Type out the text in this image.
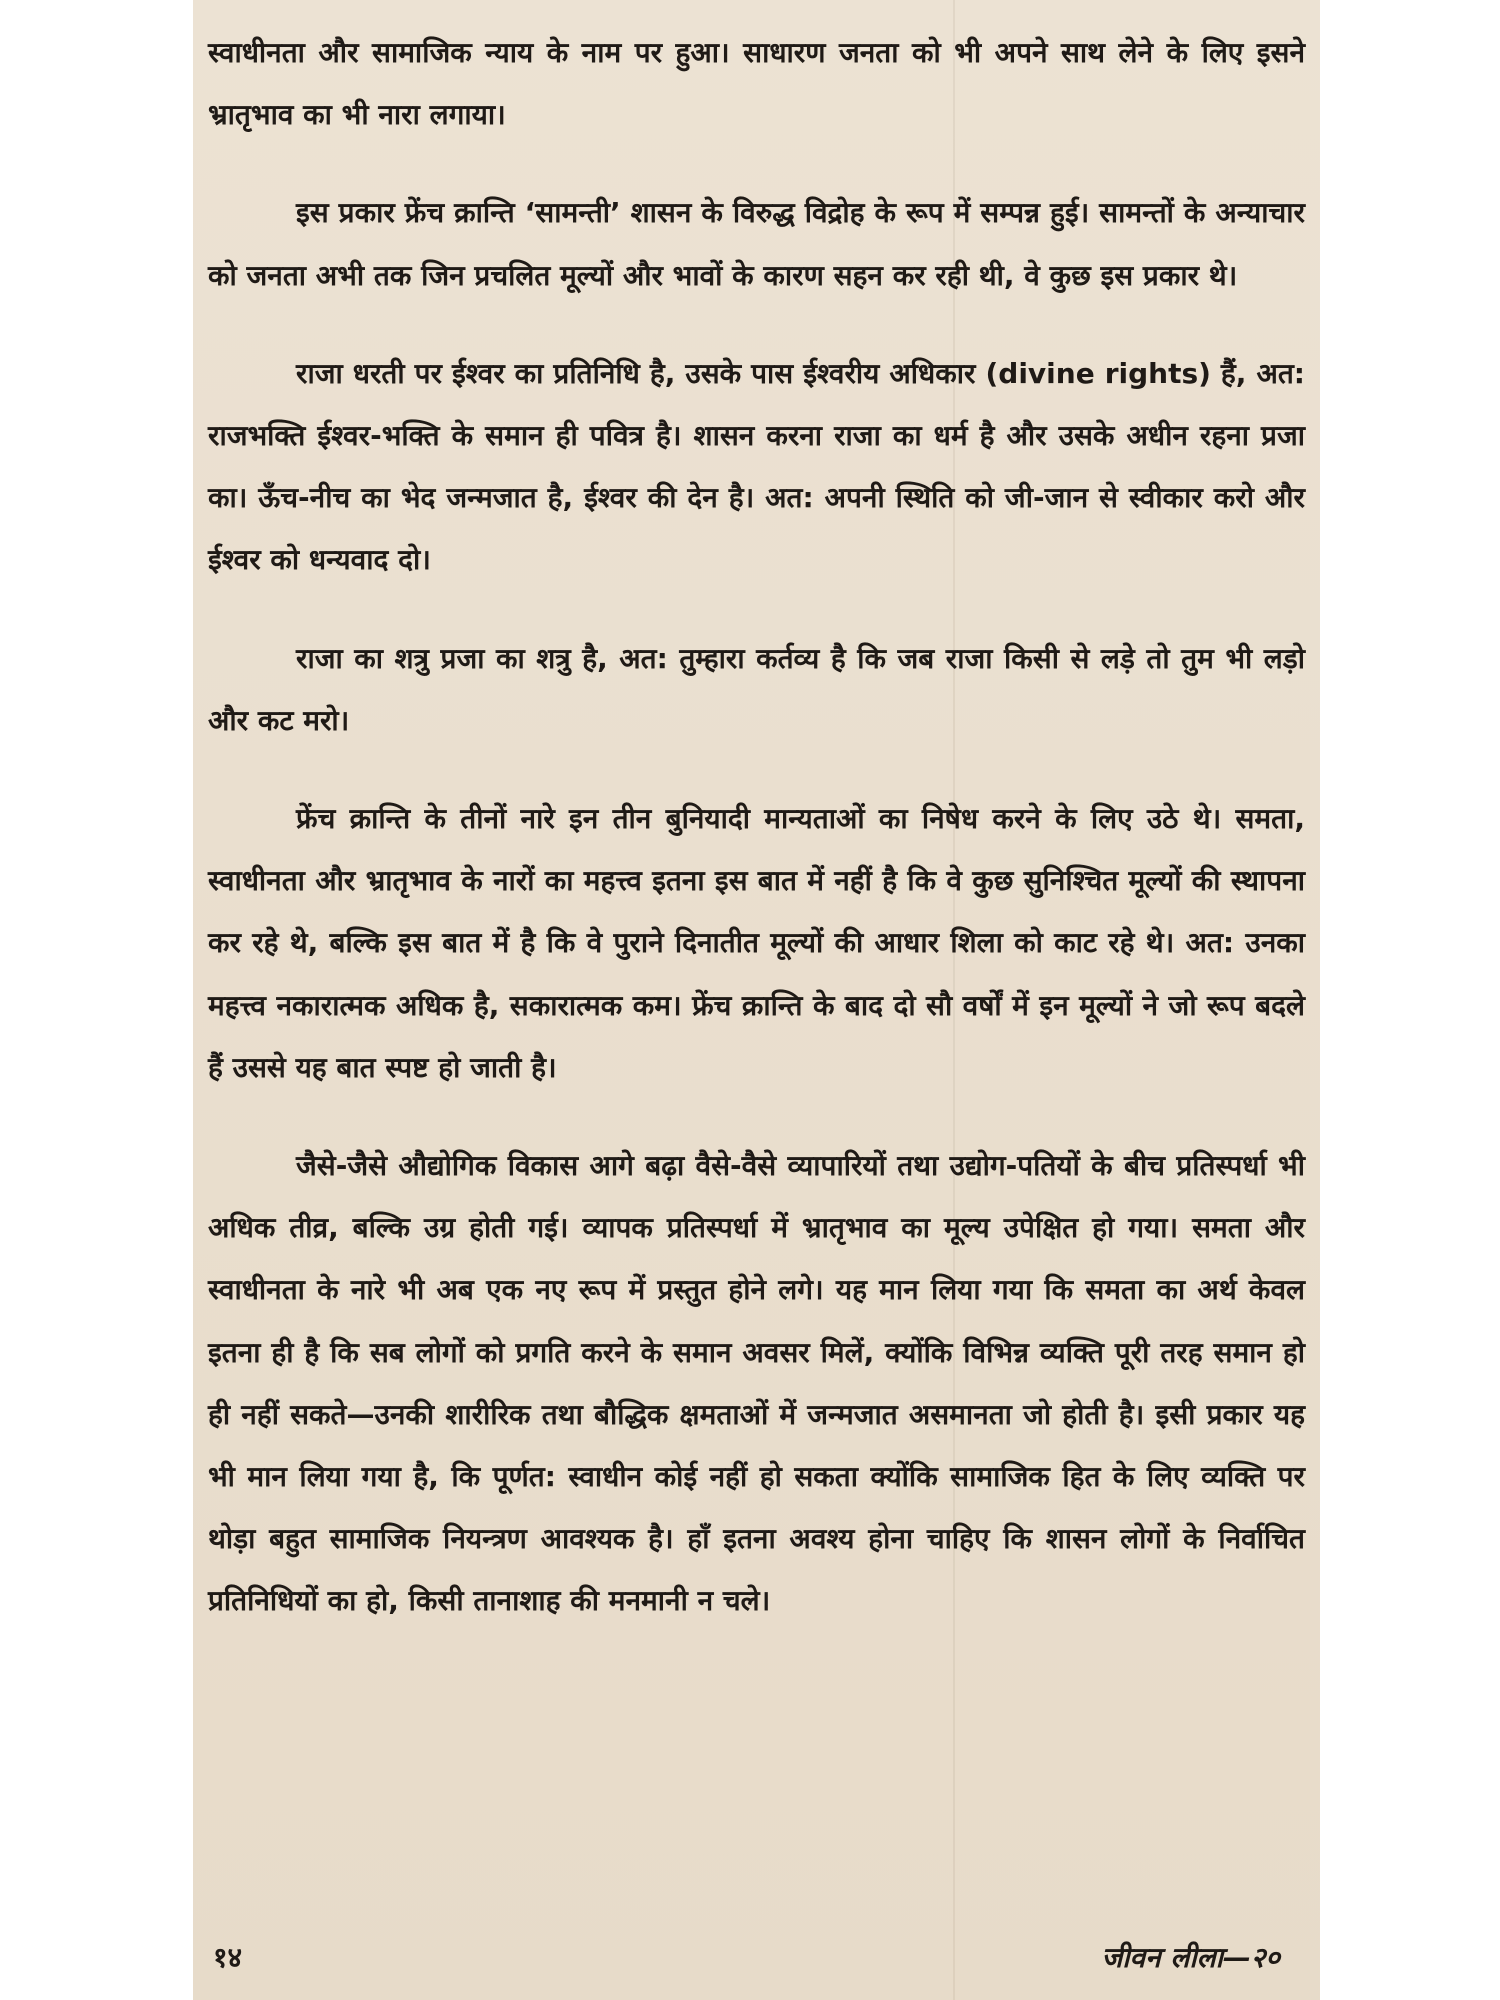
स्वाधीनता और सामाजिक न्याय के नाम पर हुआ। साधारण जनता को भी अपने साथ लेने के लिए इसने भ्रातृभाव का भी नारा लगाया।

इस प्रकार फ्रेंच क्रान्ति ‘सामन्ती’ शासन के विरुद्ध विद्रोह के रूप में सम्पन्न हुई। सामन्तों के अन्याचार को जनता अभी तक जिन प्रचलित मूल्यों और भावों के कारण सहन कर रही थी, वे कुछ इस प्रकार थे।

राजा धरती पर ईश्वर का प्रतिनिधि है, उसके पास ईश्वरीय अधिकार (divine rights) हैं, अत: राजभक्ति ईश्वर-भक्ति के समान ही पवित्र है। शासन करना राजा का धर्म है और उसके अधीन रहना प्रजा का। ऊँच-नीच का भेद जन्मजात है, ईश्वर की देन है। अत: अपनी स्थिति को जी-जान से स्वीकार करो और ईश्वर को धन्यवाद दो।

राजा का शत्रु प्रजा का शत्रु है, अत: तुम्हारा कर्तव्य है कि जब राजा किसी से लड़े तो तुम भी लड़ो और कट मरो।

फ्रेंच क्रान्ति के तीनों नारे इन तीन बुनियादी मान्यताओं का निषेध करने के लिए उठे थे। समता, स्वाधीनता और भ्रातृभाव के नारों का महत्त्व इतना इस बात में नहीं है कि वे कुछ सुनिश्चित मूल्यों की स्थापना कर रहे थे, बल्कि इस बात में है कि वे पुराने दिनातीत मूल्यों की आधार शिला को काट रहे थे। अत: उनका महत्त्व नकारात्मक अधिक है, सकारात्मक कम। फ्रेंच क्रान्ति के बाद दो सौ वर्षों में इन मूल्यों ने जो रूप बदले हैं उससे यह बात स्पष्ट हो जाती है।

जैसे-जैसे औद्योगिक विकास आगे बढ़ा वैसे-वैसे व्यापारियों तथा उद्योग-पतियों के बीच प्रतिस्पर्धा भी अधिक तीव्र, बल्कि उग्र होती गई। व्यापक प्रतिस्पर्धा में भ्रातृभाव का मूल्य उपेक्षित हो गया। समता और स्वाधीनता के नारे भी अब एक नए रूप में प्रस्तुत होने लगे। यह मान लिया गया कि समता का अर्थ केवल इतना ही है कि सब लोगों को प्रगति करने के समान अवसर मिलें, क्योंकि विभिन्न व्यक्ति पूरी तरह समान हो ही नहीं सकते—उनकी शारीरिक तथा बौद्धिक क्षमताओं में जन्मजात असमानता जो होती है। इसी प्रकार यह भी मान लिया गया है, कि पूर्णत: स्वाधीन कोई नहीं हो सकता क्योंकि सामाजिक हित के लिए व्यक्ति पर थोड़ा बहुत सामाजिक नियन्त्रण आवश्यक है। हाँ इतना अवश्य होना चाहिए कि शासन लोगों के निर्वाचित प्रतिनिधियों का हो, किसी तानाशाह की मनमानी न चले।

१४	जीवन लीला—२०
